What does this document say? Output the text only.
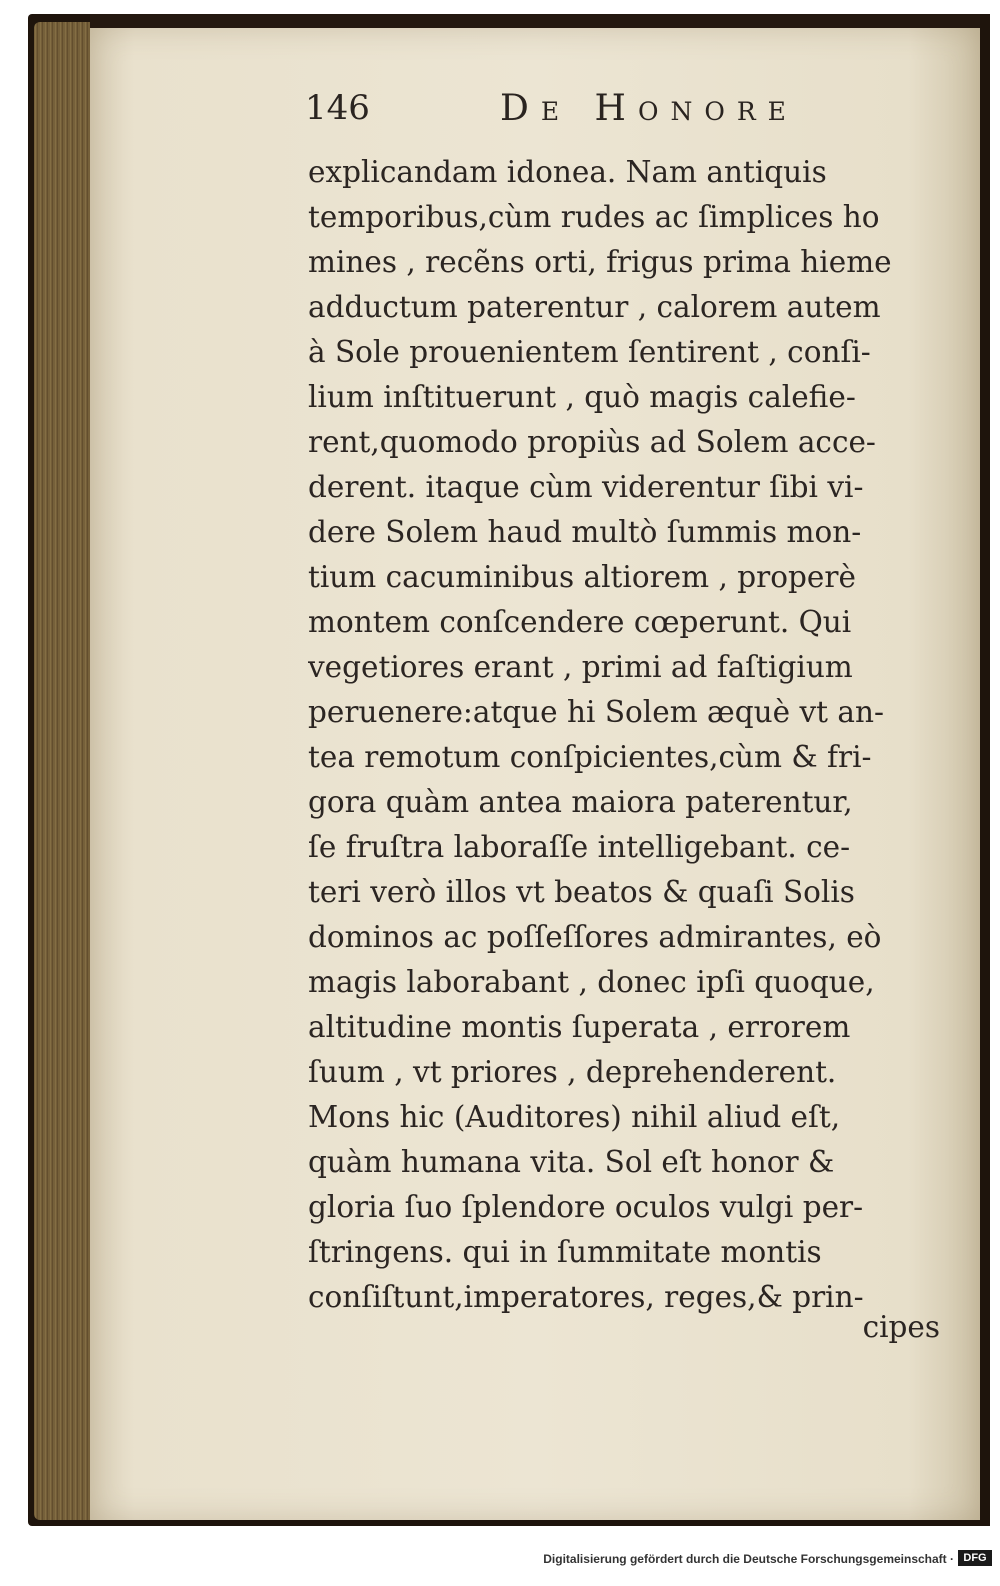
146	De Honore
explicandam idonea. Nam antiquis
temporibus,cùm rudes ac ſimplices ho
mines , recẽns orti, frigus prima hieme
adductum paterentur , calorem autem
à Sole prouenientem ſentirent , conſi-
lium inſtituerunt , quò magis calefie-
rent,quomodo propiùs ad Solem acce-
derent. itaque cùm viderentur ſibi vi-
dere Solem haud multò ſummis mon-
tium cacuminibus altiorem , properè
montem conſcendere cœperunt. Qui
vegetiores erant , primi ad faſtigium
peruenere:atque hi Solem æquè vt an-
tea remotum conſpicientes,cùm & fri-
gora quàm antea maiora paterentur,
ſe fruſtra laboraſſe intelligebant. ce-
teri verò illos vt beatos & quaſi Solis
dominos ac poſſeſſores admirantes, eò
magis laborabant , donec ipſi quoque,
altitudine montis ſuperata , errorem
ſuum , vt priores , deprehenderent.
Mons hic (Auditores) nihil aliud eſt,
quàm humana vita. Sol eſt honor &
gloria ſuo ſplendore oculos vulgi per-
ſtringens. qui in ſummitate montis
conſiſtunt,imperatores, reges,& prin-
cipes
Digitalisierung gefördert durch die Deutsche Forschungsgemeinschaft · DFG
